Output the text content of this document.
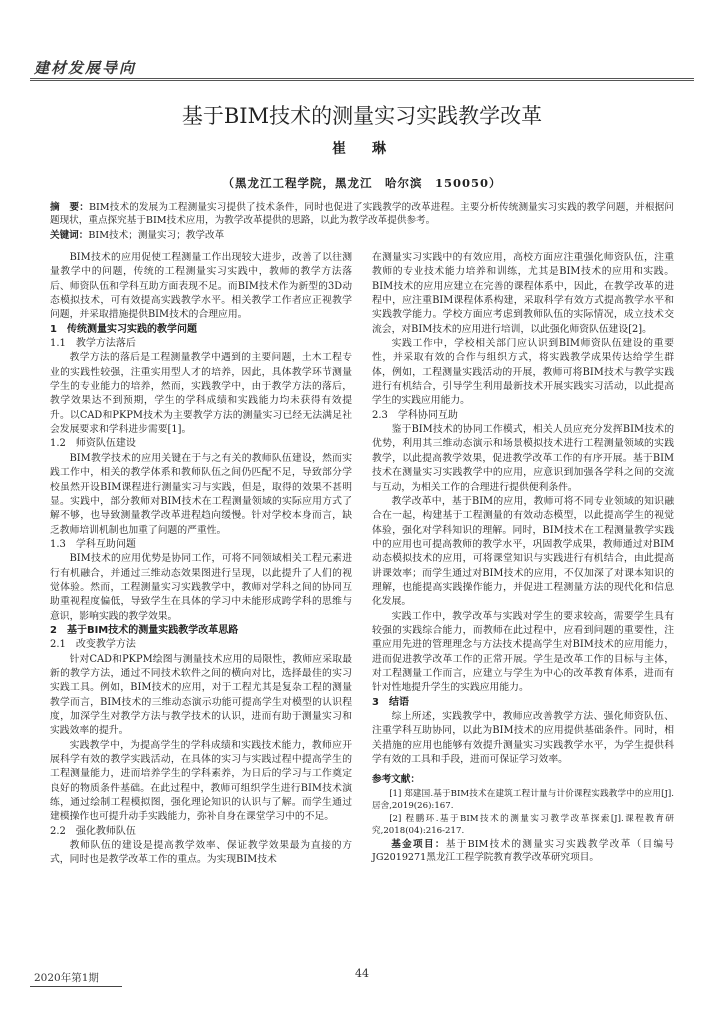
建材发展导向
基于BIM技术的测量实习实践教学改革
崔　琳
（黑龙江工程学院，黑龙江　哈尔滨　150050）
摘　要：BIM技术的发展为工程测量实习提供了技术条件，同时也促进了实践教学的改革进程。主要分析传统测量实习实践的教学问题，并根据问题现状，重点探究基于BIM技术应用，为教学改革提供的思路，以此为教学改革提供参考。
关键词：BIM技术；测量实习；教学改革

BIM技术的应用促使工程测量工作出现较大进步，改善了以往测量教学中的问题，传统的工程测量实习实践中，教师的教学方法落后、师资队伍和学科互助方面表现不足。而BIM技术作为新型的3D动态模拟技术，可有效提高实践教学水平。相关教学工作者应正视教学问题，并采取措施提供BIM技术的合理应用。

1　传统测量实习实践的教学问题
1.1　教学方法落后

教学方法的落后是工程测量教学中遇到的主要问题，土木工程专业的实践性较强，注重实用型人才的培养，因此，具体教学环节测量学生的专业能力的培养，然而，实践教学中，由于教学方法的落后，教学效果达不到预期，学生的学科成绩和实践能力均未获得有效提升。以CAD和PKPM技术为主要教学方法的测量实习已经无法满足社会发展要求和学科进步需要[1]。

1.2　师资队伍建设

BIM教学技术的应用关键在于与之有关的教师队伍建设，然而实践工作中，相关的教学体系和教师队伍之间仍匹配不足，导致部分学校虽然开设BIM课程进行测量实习与实践，但是，取得的效果不甚明显。实践中，部分教师对BIM技术在工程测量领域的实际应用方式了解不够，也导致测量教学改革进程趋向缓慢。针对学校本身而言，缺乏教师培训机制也加重了问题的严重性。

1.3　学科互助问题

BIM技术的应用优势是协同工作，可将不同领域相关工程元素进行有机融合，并通过三维动态效果图进行呈现，以此提升了人们的视觉体验。然而，工程测量实习实践教学中，教师对学科之间的协同互助重视程度偏低，导致学生在具体的学习中未能形成跨学科的思维与意识，影响实践的教学效果。

2　基于BIM技术的测量实践教学改革思路
2.1　改变教学方法

针对CAD和PKPM绘图与测量技术应用的局限性，教师应采取最新的教学方法，通过不同技术软件之间的横向对比，选择最佳的实习实践工具。例如，BIM技术的应用，对于工程尤其是复杂工程的测量教学而言，BIM技术的三维动态演示功能可提高学生对模型的认识程度，加深学生对教学方法与教学技术的认识，进而有助于测量实习和实践效率的提升。

实践教学中，为提高学生的学科成绩和实践技术能力，教师应开展科学有效的教学实践活动，在具体的实习与实践过程中提高学生的工程测量能力，进而培养学生的学科素养，为日后的学习与工作奠定良好的物质条件基础。在此过程中，教师可组织学生进行BIM技术演练，通过绘制工程模拟图，强化理论知识的认识与了解。而学生通过建模操作也可提升动手实践能力，弥补自身在课堂学习中的不足。

2.2　强化教师队伍

教师队伍的建设是提高教学效率、保证教学效果最为直接的方式，同时也是教学改革工作的重点。为实现BIM技术

在测量实习实践中的有效应用，高校方面应注重强化师资队伍，注重教师的专业技术能力培养和训练，尤其是BIM技术的应用和实践。BIM技术的应用应建立在完善的课程体系中，因此，在教学改革的进程中，应注重BIM课程体系构建，采取科学有效方式提高教学水平和实践教学能力。学校方面应考虑到教师队伍的实际情况，成立技术交流会，对BIM技术的应用进行培训，以此强化师资队伍建设[2]。

实践工作中，学校相关部门应认识到BIM师资队伍建设的重要性，并采取有效的合作与组织方式，将实践教学成果传达给学生群体，例如，工程测量实践活动的开展，教师可将BIM技术与教学实践进行有机结合，引导学生利用最新技术开展实践实习活动，以此提高学生的实践应用能力。

2.3　学科协同互助

鉴于BIM技术的协同工作模式，相关人员应充分发挥BIM技术的优势，利用其三维动态演示和场景模拟技术进行工程测量领域的实践教学，以此提高教学效果，促进教学改革工作的有序开展。基于BIM技术在测量实习实践教学中的应用，应意识到加强各学科之间的交流与互动，为相关工作的合理进行提供便利条件。

教学改革中，基于BIM的应用，教师可将不同专业领域的知识融合在一起，构建基于工程测量的有效动态模型，以此提高学生的视觉体验，强化对学科知识的理解。同时，BIM技术在工程测量教学实践中的应用也可提高教师的教学水平，巩固教学成果，教师通过对BIM动态模拟技术的应用，可将课堂知识与实践进行有机结合，由此提高讲课效率；而学生通过对BIM技术的应用，不仅加深了对课本知识的理解，也能提高实践操作能力，并促进工程测量方法的现代化和信息化发展。

实践工作中，教学改革与实践对学生的要求较高，需要学生具有较强的实践综合能力，而教师在此过程中，应看到问题的重要性，注重应用先进的管理理念与方法技术提高学生对BIM技术的应用能力，进而促进教学改革工作的正常开展。学生是改革工作的目标与主体，对工程测量工作而言，应建立与学生为中心的改革教育体系，进而有针对性地提升学生的实践应用能力。

3　结语

综上所述，实践教学中，教师应改善教学方法、强化师资队伍、注重学科互助协同，以此为BIM技术的应用提供基础条件。同时，相关措施的应用也能够有效提升测量实习实践教学水平，为学生提供科学有效的工具和手段，进而可保证学习效率。

参考文献：

[1] 郑建国.基于BIM技术在建筑工程计量与计价课程实践教学中的应用[J].居舍,2019(26):167.

[2] 程鹏环.基于BIM技术的测量实习教学改革探索[J].课程教育研究,2018(04):216-217.

基金项目：基于BIM技术的测量实习实践教学改革（目编号JG2019271黑龙江工程学院教育教学改革研究项目。

2020年第1期	44
